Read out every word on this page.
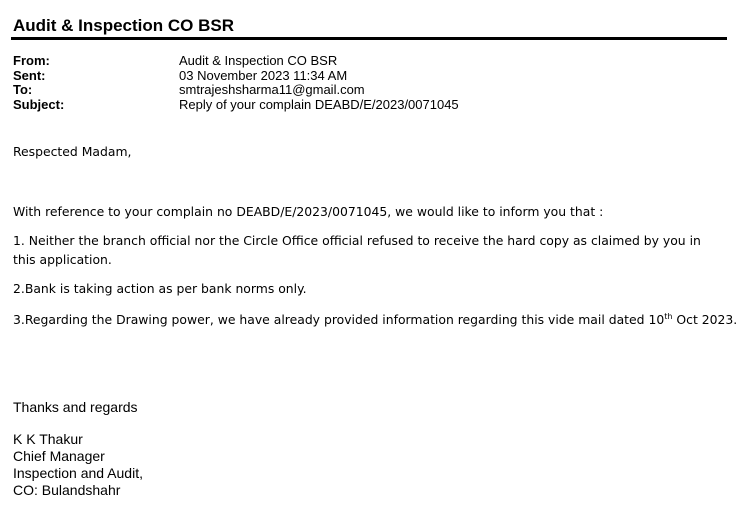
Audit & Inspection CO BSR
From:	Audit & Inspection CO BSR
Sent:	03 November 2023 11:34 AM
To:	smtrajeshsharma11@gmail.com
Subject:	Reply of your complain DEABD/E/2023/0071045
Respected Madam,
With reference to your complain no DEABD/E/2023/0071045, we would like to inform you that :
1. Neither the branch official nor the Circle Office official refused to receive the hard copy as claimed by you in this application.
2.Bank is taking action as per bank norms only.
3.Regarding the Drawing power, we have already provided information regarding this vide mail dated 10th Oct 2023.
Thanks and regards
K K Thakur
Chief Manager
Inspection and Audit,
CO: Bulandshahr
